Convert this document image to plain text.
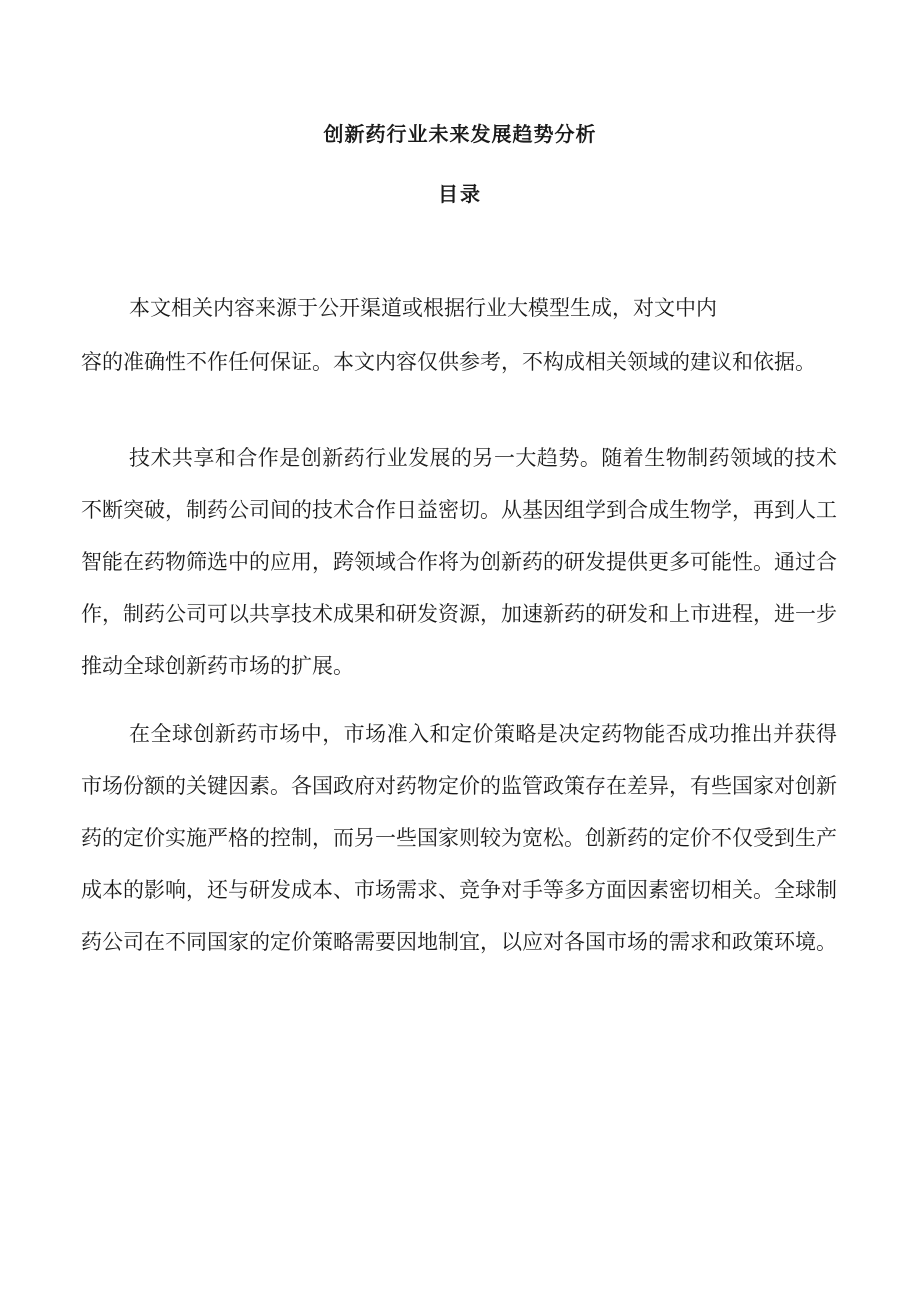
创新药行业未来发展趋势分析
目录

本文相关内容来源于公开渠道或根据行业大模型生成，对文中内

容的准确性不作任何保证。本文内容仅供参考，不构成相关领域的建议和依据。

技术共享和合作是创新药行业发展的另一大趋势。随着生物制药领域的技术不断突破，制药公司间的技术合作日益密切。从基因组学到合成生物学，再到人工智能在药物筛选中的应用，跨领域合作将为创新药的研发提供更多可能性。通过合作，制药公司可以共享技术成果和研发资源，加速新药的研发和上市进程，进一步推动全球创新药市场的扩展。

在全球创新药市场中，市场准入和定价策略是决定药物能否成功推出并获得市场份额的关键因素。各国政府对药物定价的监管政策存在差异，有些国家对创新药的定价实施严格的控制，而另一些国家则较为宽松。创新药的定价不仅受到生产成本的影响，还与研发成本、市场需求、竞争对手等多方面因素密切相关。全球制药公司在不同国家的定价策略需要因地制宜，以应对各国市场的需求和政策环境。
